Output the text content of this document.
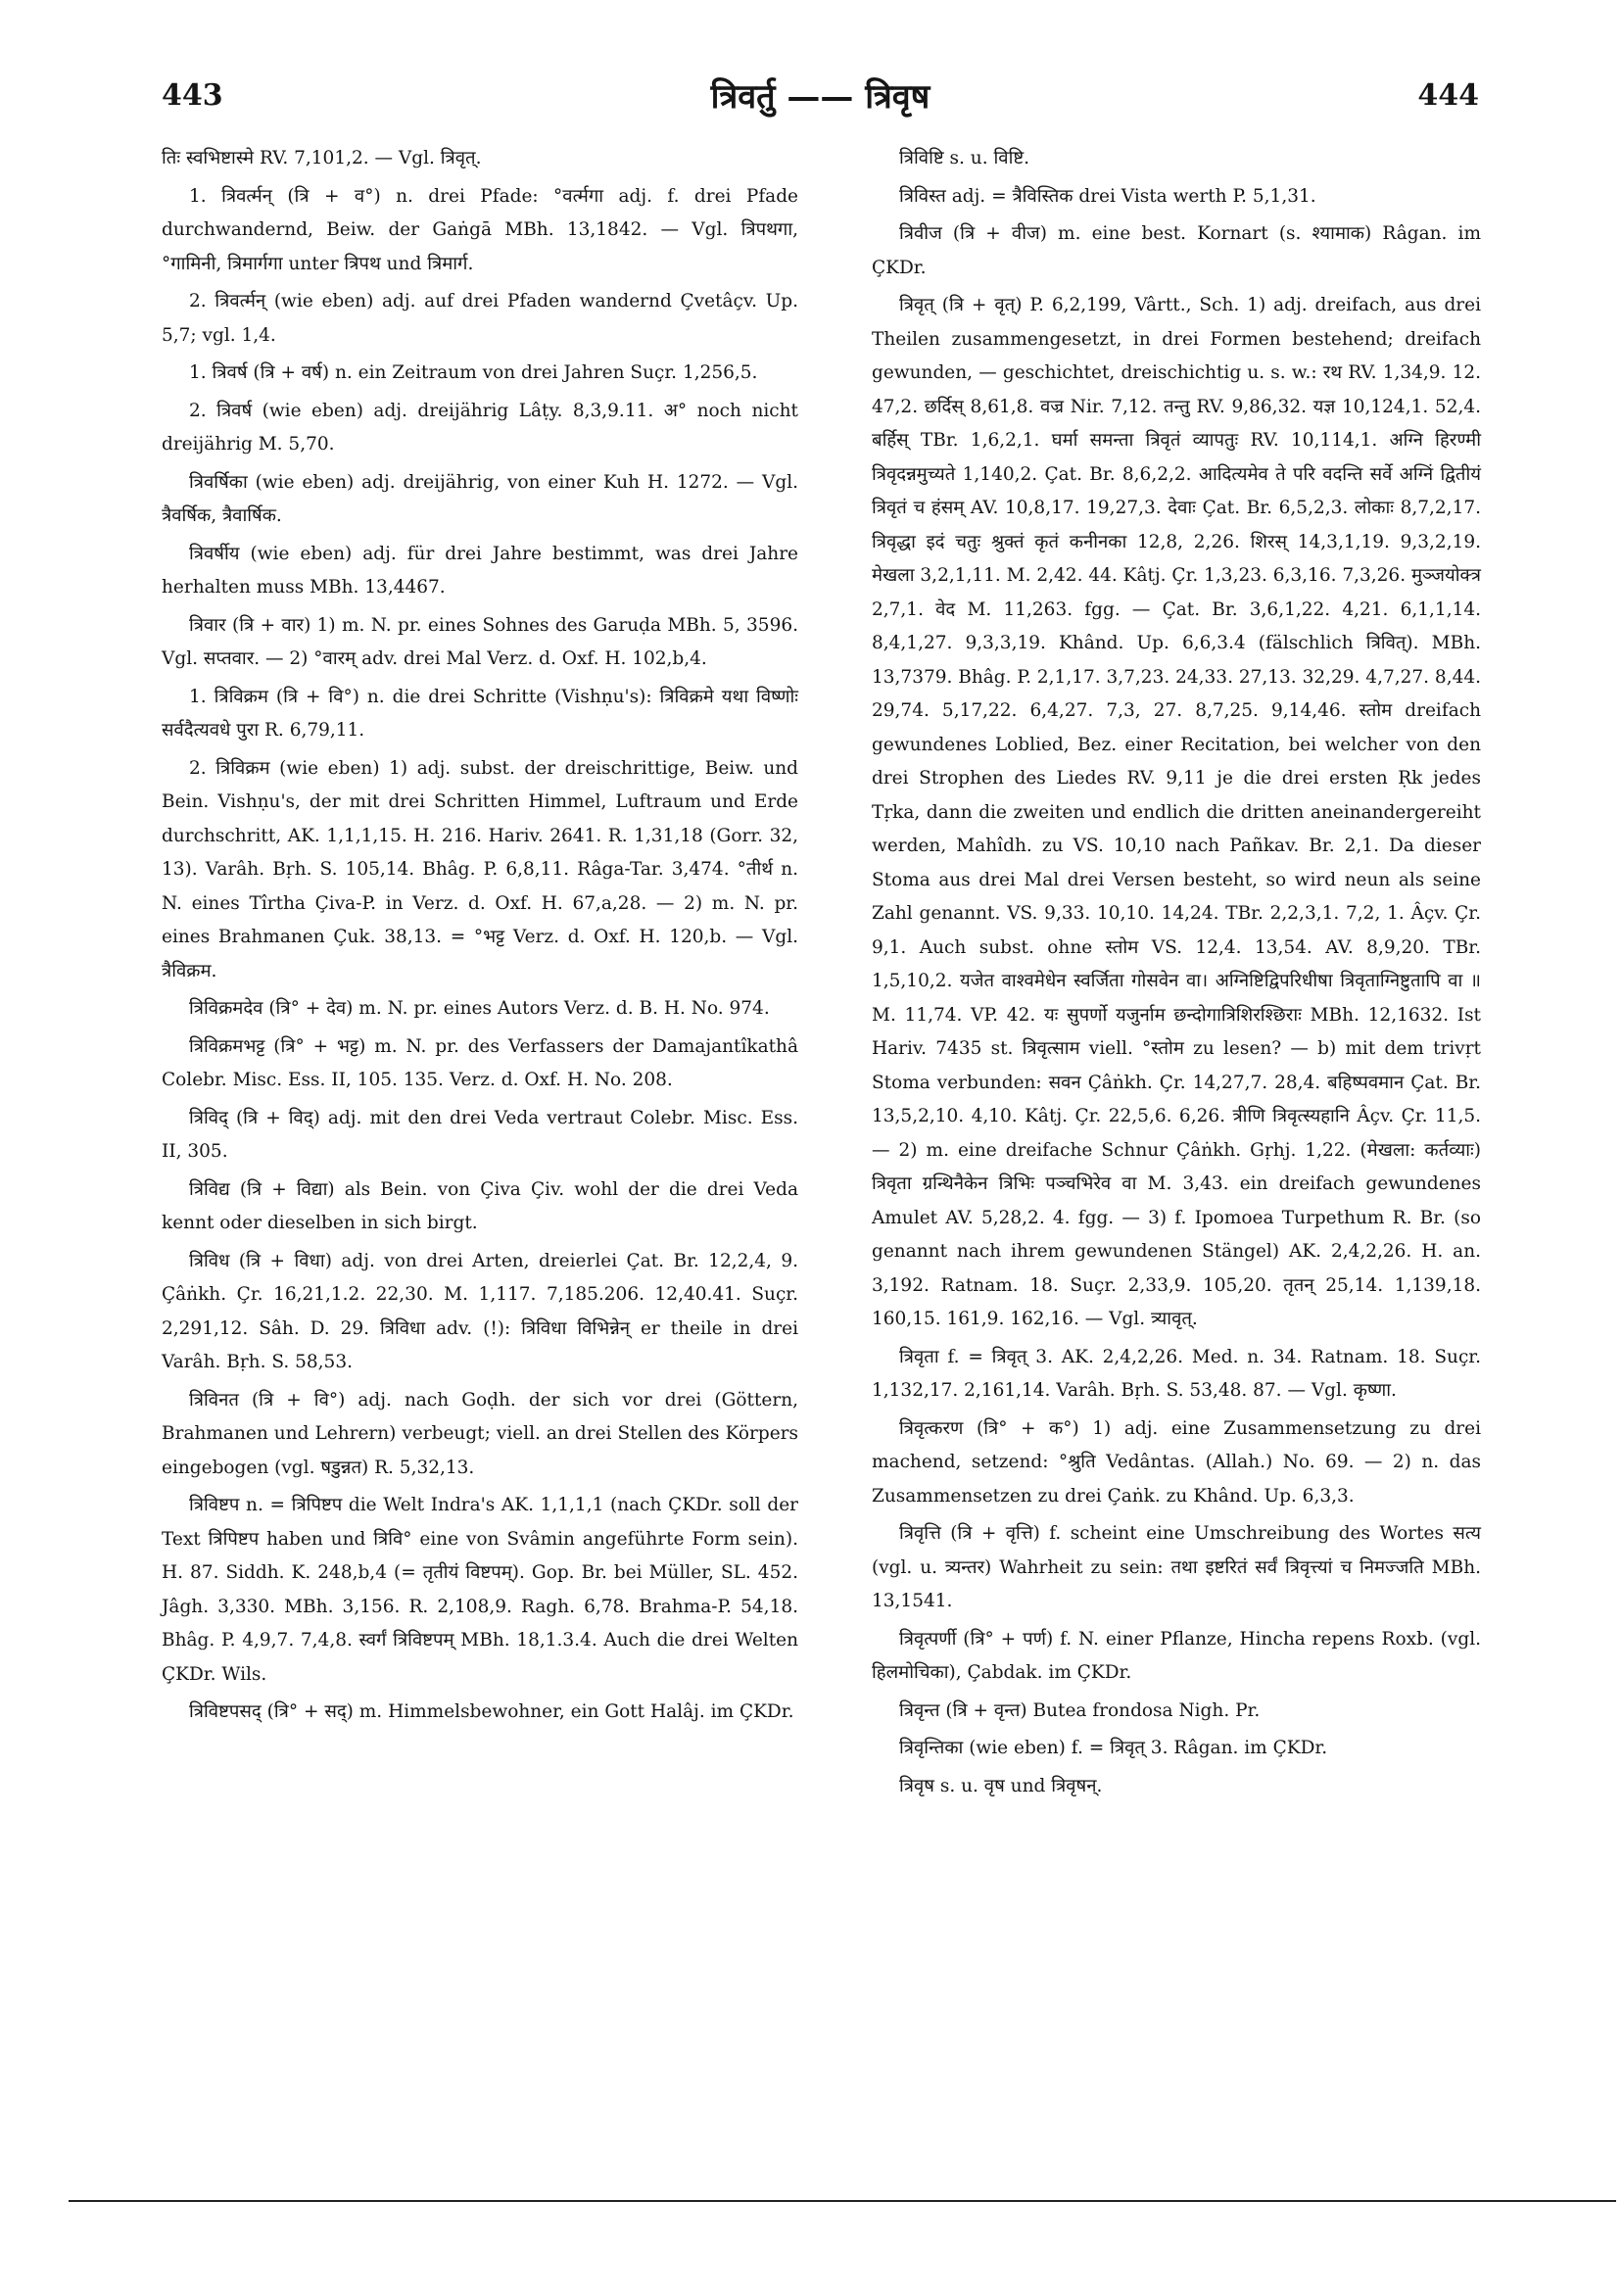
443	त्रिवर्तु —— त्रिवृष	444

तिः स्वभिष्टास्मे RV. 7,101,2. — Vgl. त्रिवृत्.

1. त्रिवर्त्मन् (त्रि + व°) n. drei Pfade: °वर्त्मगा adj. f. drei Pfade durchwandernd, Beiw. der Gaṅgā MBh. 13,1842. — Vgl. त्रिपथगा, °गामिनी, त्रिमार्गगा unter त्रिपथ und त्रिमार्ग.

2. त्रिवर्त्मन् (wie eben) adj. auf drei Pfaden wandernd Çvetâçv. Up. 5,7; vgl. 1,4.

1. त्रिवर्ष (त्रि + वर्ष) n. ein Zeitraum von drei Jahren Suçr. 1,256,5.

2. त्रिवर्ष (wie eben) adj. dreijährig Lâṭy. 8,3,9.11. अ° noch nicht dreijährig M. 5,70.

त्रिवर्षिका (wie eben) adj. dreijährig, von einer Kuh H. 1272. — Vgl. त्रैवर्षिक, त्रैवार्षिक.

त्रिवर्षीय (wie eben) adj. für drei Jahre bestimmt, was drei Jahre herhalten muss MBh. 13,4467.

त्रिवार (त्रि + वार) 1) m. N. pr. eines Sohnes des Garuḍa MBh. 5, 3596. Vgl. सप्तवार. — 2) °वारम् adv. drei Mal Verz. d. Oxf. H. 102,b,4.

1. त्रिविक्रम (त्रि + वि°) n. die drei Schritte (Vishṇu's): त्रिविक्रमे यथा विष्णोः सर्वदैत्यवधे पुरा R. 6,79,11.

2. त्रिविक्रम (wie eben) 1) adj. subst. der dreischrittige, Beiw. und Bein. Vishṇu's, der mit drei Schritten Himmel, Luftraum und Erde durchschritt, AK. 1,1,1,15. H. 216. Hariv. 2641. R. 1,31,18 (Gorr. 32, 13). Varâh. Bṛh. S. 105,14. Bhâg. P. 6,8,11. Râga-Tar. 3,474. °तीर्थ n. N. eines Tîrtha Çiva-P. in Verz. d. Oxf. H. 67,a,28. — 2) m. N. pr. eines Brahmanen Çuk. 38,13. = °भट्ट Verz. d. Oxf. H. 120,b. — Vgl. त्रैविक्रम.

त्रिविक्रमदेव (त्रि° + देव) m. N. pr. eines Autors Verz. d. B. H. No. 974.

त्रिविक्रमभट्ट (त्रि° + भट्ट) m. N. pr. des Verfassers der Damajantîkathâ Colebr. Misc. Ess. II, 105. 135. Verz. d. Oxf. H. No. 208.

त्रिविद् (त्रि + विद्) adj. mit den drei Veda vertraut Colebr. Misc. Ess. II, 305.

त्रिविद्य (त्रि + विद्या) als Bein. von Çiva Çiv. wohl der die drei Veda kennt oder dieselben in sich birgt.

त्रिविध (त्रि + विधा) adj. von drei Arten, dreierlei Çat. Br. 12,2,4, 9. Çâṅkh. Çr. 16,21,1.2. 22,30. M. 1,117. 7,185.206. 12,40.41. Suçr. 2,291,12. Sâh. D. 29. त्रिविधा adv. (!): त्रिविधा विभिन्नेन् er theile in drei Varâh. Bṛh. S. 58,53.

त्रिविनत (त्रि + वि°) adj. nach Goḍh. der sich vor drei (Göttern, Brahmanen und Lehrern) verbeugt; viell. an drei Stellen des Körpers eingebogen (vgl. षडुन्नत) R. 5,32,13.

त्रिविष्टप n. = त्रिपिष्टप die Welt Indra's AK. 1,1,1,1 (nach ÇKDr. soll der Text त्रिपिष्टप haben und त्रिवि° eine von Svâmin angeführte Form sein). H. 87. Siddh. K. 248,b,4 (= तृतीयं विष्टपम्). Gop. Br. bei Müller, SL. 452. Jâgh. 3,330. MBh. 3,156. R. 2,108,9. Ragh. 6,78. Brahma-P. 54,18. Bhâg. P. 4,9,7. 7,4,8. स्वर्गं त्रिविष्टपम् MBh. 18,1.3.4. Auch die drei Welten ÇKDr. Wils.

त्रिविष्टपसद् (त्रि° + सद्) m. Himmelsbewohner, ein Gott Halâj. im ÇKDr.

त्रिविष्टि s. u. विष्टि.

त्रिविस्त adj. = त्रैविस्तिक drei Vista werth P. 5,1,31.

त्रिवीज (त्रि + वीज) m. eine best. Kornart (s. श्यामाक) Râgan. im ÇKDr.

त्रिवृत् (त्रि + वृत्) P. 6,2,199, Vârtt., Sch. 1) adj. dreifach, aus drei Theilen zusammengesetzt, in drei Formen bestehend; dreifach gewunden, — geschichtet, dreischichtig u. s. w.: रथ RV. 1,34,9. 12. 47,2. छर्दिस् 8,61,8. वज्र Nir. 7,12. तन्तु RV. 9,86,32. यज्ञ 10,124,1. 52,4. बर्हिस् TBr. 1,6,2,1. घर्मा समन्ता त्रिवृतं व्यापतुः RV. 10,114,1. अग्नि हिरण्मी त्रिवृदन्नमुच्यते 1,140,2. Çat. Br. 8,6,2,2. आदित्यमेव ते परि वदन्ति सर्वे अग्निं द्वितीयं त्रिवृतं च हंसम् AV. 10,8,17. 19,27,3. देवाः Çat. Br. 6,5,2,3. लोकाः 8,7,2,17. त्रिवृद्धा इदं चतुः श्रुक्तं कृतं कनीनका 12,8, 2,26. शिरस् 14,3,1,19. 9,3,2,19. मेखला 3,2,1,11. M. 2,42. 44. Kâtj. Çr. 1,3,23. 6,3,16. 7,3,26. मुञ्जयोक्त्र 2,7,1. वेद M. 11,263. fgg. — Çat. Br. 3,6,1,22. 4,21. 6,1,1,14. 8,4,1,27. 9,3,3,19. Khând. Up. 6,6,3.4 (fälschlich त्रिवित्). MBh. 13,7379. Bhâg. P. 2,1,17. 3,7,23. 24,33. 27,13. 32,29. 4,7,27. 8,44. 29,74. 5,17,22. 6,4,27. 7,3, 27. 8,7,25. 9,14,46. स्तोम dreifach gewundenes Loblied, Bez. einer Recitation, bei welcher von den drei Strophen des Liedes RV. 9,11 je die drei ersten Ṛk jedes Tṛka, dann die zweiten und endlich die dritten aneinandergereiht werden, Mahîdh. zu VS. 10,10 nach Pañkav. Br. 2,1. Da dieser Stoma aus drei Mal drei Versen besteht, so wird neun als seine Zahl genannt. VS. 9,33. 10,10. 14,24. TBr. 2,2,3,1. 7,2, 1. Âçv. Çr. 9,1. Auch subst. ohne स्तोम VS. 12,4. 13,54. AV. 8,9,20. TBr. 1,5,10,2. यजेत वाश्वमेधेन स्वर्जिता गोसवेन वा। अग्निष्टिद्विपरिधीषा त्रिवृताग्निष्टुतापि वा ॥ M. 11,74. VP. 42. यः सुपर्णो यजुर्नाम छन्दोगात्रिशिरश्छिराः MBh. 12,1632. Ist Hariv. 7435 st. त्रिवृत्साम viell. °स्तोम zu lesen? — b) mit dem trivṛt Stoma verbunden: सवन Çâṅkh. Çr. 14,27,7. 28,4. बहिष्पवमान Çat. Br. 13,5,2,10. 4,10. Kâtj. Çr. 22,5,6. 6,26. त्रीणि त्रिवृत्स्यहानि Âçv. Çr. 11,5. — 2) m. eine dreifache Schnur Çâṅkh. Gṛhj. 1,22. (मेखला: कर्तव्याः) त्रिवृता ग्रन्थिनैकेन त्रिभिः पञ्चभिरेव वा M. 3,43. ein dreifach gewundenes Amulet AV. 5,28,2. 4. fgg. — 3) f. Ipomoea Turpethum R. Br. (so genannt nach ihrem gewundenen Stängel) AK. 2,4,2,26. H. an. 3,192. Ratnam. 18. Suçr. 2,33,9. 105,20. तृतन् 25,14. 1,139,18. 160,15. 161,9. 162,16. — Vgl. त्र्यावृत्.

त्रिवृता f. = त्रिवृत् 3. AK. 2,4,2,26. Med. n. 34. Ratnam. 18. Suçr. 1,132,17. 2,161,14. Varâh. Bṛh. S. 53,48. 87. — Vgl. कृष्णा.

त्रिवृत्करण (त्रि° + क°) 1) adj. eine Zusammensetzung zu drei machend, setzend: °श्रुति Vedântas. (Allah.) No. 69. — 2) n. das Zusammensetzen zu drei Çaṅk. zu Khând. Up. 6,3,3.

त्रिवृत्ति (त्रि + वृत्ति) f. scheint eine Umschreibung des Wortes सत्य (vgl. u. त्र्यन्तर) Wahrheit zu sein: तथा इष्टरितं सर्वं त्रिवृत्त्यां च निमज्जति MBh. 13,1541.

त्रिवृत्पर्णी (त्रि° + पर्ण) f. N. einer Pflanze, Hincha repens Roxb. (vgl. हिलमोचिका), Çabdak. im ÇKDr.

त्रिवृन्त (त्रि + वृन्त) Butea frondosa Nigh. Pr.

त्रिवृन्तिका (wie eben) f. = त्रिवृत् 3. Râgan. im ÇKDr.

त्रिवृष s. u. वृष und त्रिवृषन्.
